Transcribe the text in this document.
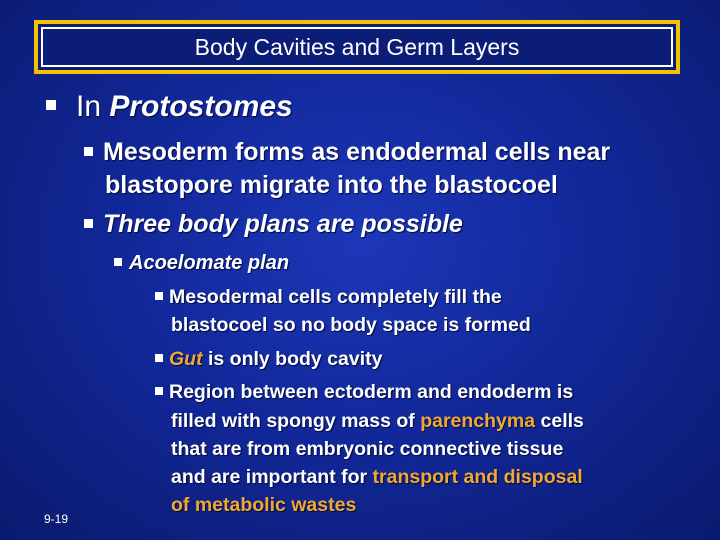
Body Cavities and Germ Layers
In Protostomes
Mesoderm forms as endodermal cells near
blastopore migrate into the blastocoel
Three body plans are possible
Acoelomate plan
Mesodermal cells completely fill the
blastocoel so no body space is formed
Gut is only body cavity
Region between ectoderm and endoderm is
filled with spongy mass of parenchyma cells
that are from embryonic connective tissue
and are important for transport and disposal
of metabolic wastes
9-19
